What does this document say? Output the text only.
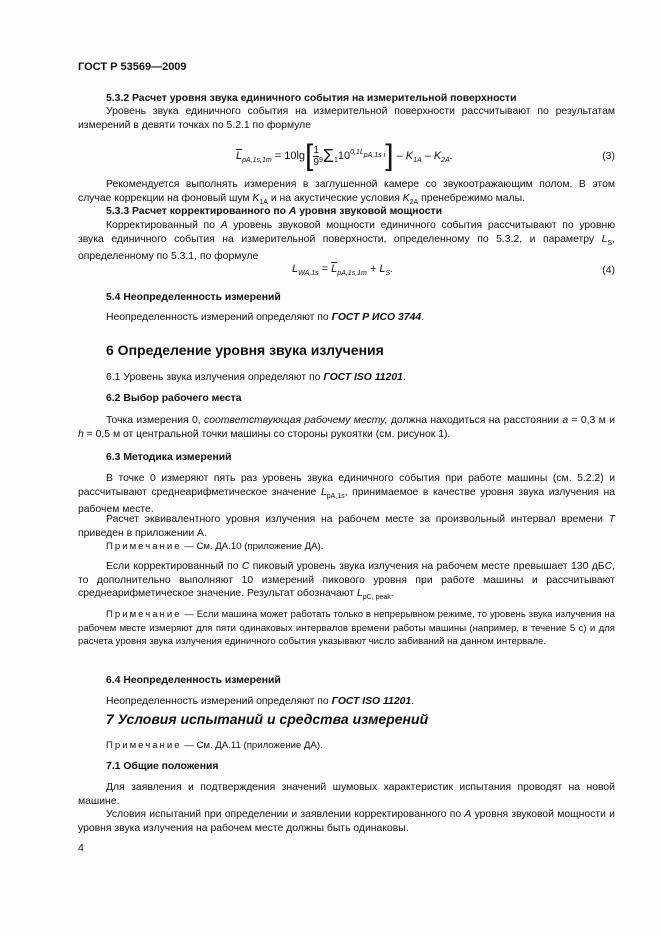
ГОСТ Р 53569—2009
5.3.2 Расчет уровня звука единичного события на измерительной поверхности
Уровень звука единичного события на измерительной поверхности рассчитывают по результатам измерений в девяти точках по 5.2.1 по формуле
$\overline{L}_{pA,1s,1m} = 10\lg[ \frac{1}{9} 9\Sigma 110^{0,1L_{pA,1s i}}] - K_{1A} - K_{2A}$.	(3)
Рекомендуется выполнять измерения в заглушенной камере со звукоотражающим полом. В этом случае коррекции на фоновый шум $K_{1A}$ и на акустические условия $K_{2A}$ пренебрежимо малы.
5.3.3 Расчет корректированного по A уровня звуковой мощности
Корректированный по A уровень звуковой мощности единичного события рассчитывают по уровню звука единичного события на измерительной поверхности, определенному по 5.3.2, и параметру $L_S$, определенному по 5.3.1, по формуле
$L_{WA,1s} = \overline{L}_{pA,1s,1m} + L_S$.	(4)
5.4 Неопределенность измерений
Неопределенность измерений определяют по ГОСТ Р ИСО 3744.
6 Определение уровня звука излучения
6.1 Уровень звука излучения определяют по ГОСТ ISO 11201.
6.2 Выбор рабочего места
Точка измерения 0, соответствующая рабочему месту, должна находиться на расстоянии a = 0,3 м и h = 0,5 м от центральной точки машины со стороны рукоятки (см. рисунок 1).
6.3 Методика измерений
В точке 0 измеряют пять раз уровень звука единичного события при работе машины (см. 5.2.2) и рассчитывают среднеарифметическое значение $L_{pA,1s}$, принимаемое в качестве уровня звука излучения на рабочем месте.
Расчет эквивалентного уровня излучения на рабочем месте за произвольный интервал времени T приведен в приложении А.
Примечание — См. ДА.10 (приложение ДА).
Если корректированный по C пиковый уровень звука излучения на рабочем месте превышает 130 дБC, то дополнительно выполняют 10 измерений пикового уровня при работе машины и рассчитывают среднеарифметическое значение. Результат обозначают $L_{pC, peak}$.
Примечание — Если машина может работать только в непрерывном режиме, то уровень звука излучения на рабочем месте измеряют для пяти одинаковых интервалов времени работы машины (например, в течение 5 с) и для расчета уровня звука излучения единичного события указывают число забиваний на данном интервале.
6.4 Неопределенность измерений
Неопределенность измерений определяют по ГОСТ ISO 11201.
7 Условия испытаний и средства измерений
Примечание — См. ДА.11 (приложение ДА).
7.1 Общие положения
Для заявления и подтверждения значений шумовых характеристик испытания проводят на новой машине.
Условия испытаний при определении и заявлении корректированного по A уровня звуковой мощности и уровня звука излучения на рабочем месте должны быть одинаковы.
4
